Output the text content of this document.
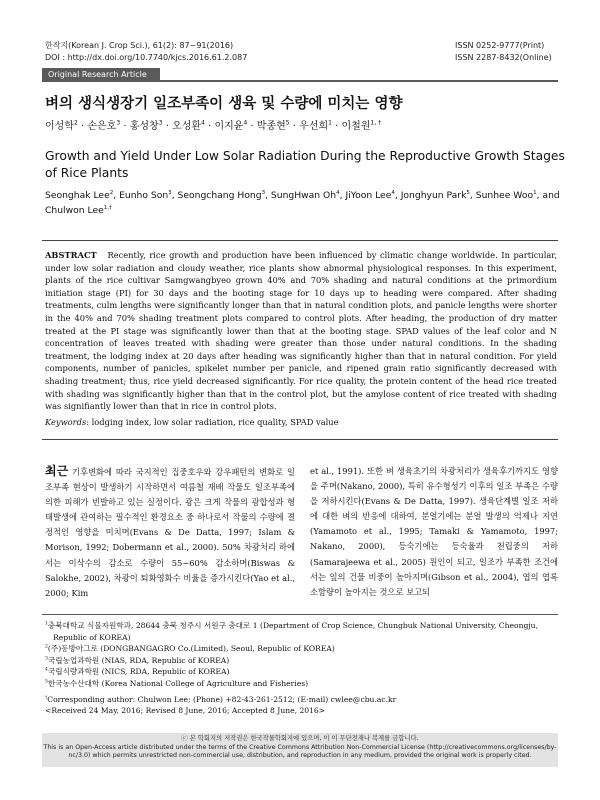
한작지(Korean J. Crop Sci.), 61(2): 87~91(2016)
DOI : http://dx.doi.org/10.7740/kjcs.2016.61.2.087
ISSN 0252-9777(Print)
ISSN 2287-8432(Online)
Original Research Article
벼의 생식생장기 일조부족이 생육 및 수량에 미치는 영향
이성학$^2$ · 손은호$^3$ · 홍성창$^3$ · 오성환$^4$ · 이지윤$^4$ · 박종현$^5$ · 우선희$^1$ · 이철원$^{1, \dagger}$
Growth and Yield Under Low Solar Radiation During the Reproductive Growth Stages of Rice Plants
Seonghak Lee$^2$, Eunho Son$^3$, Seongchang Hong$^3$, SungHwan Oh$^4$, JiYoon Lee$^4$, Jonghyun Park$^5$, Sunhee Woo$^1$, and Chulwon Lee$^{1,\dagger}$
ABSTRACT Recently, rice growth and production have been influenced by climatic change worldwide. In particular, under low solar radiation and cloudy weather, rice plants show abnormal physiological responses. In this experiment, plants of the rice cultivar Samgwangbyeo grown 40% and 70% shading and natural conditions at the primordium initiation stage (PI) for 30 days and the booting stage for 10 days up to heading were compared. After shading treatments, culm lengths were significantly longer than that in natural condition plots, and panicle lengths were shorter in the 40% and 70% shading treatment plots compared to control plots. After heading, the production of dry matter treated at the PI stage was significantly lower than that at the booting stage. SPAD values of the leaf color and N concentration of leaves treated with shading were greater than those under natural conditions. In the shading treatment, the lodging index at 20 days after heading was significantly higher than that in natural condition. For yield components, number of panicles, spikelet number per panicle, and ripened grain ratio significantly decreased with shading treatment; thus, rice yield decreased significantly. For rice quality, the protein content of the head rice treated with shading was significantly higher than that in the control plot, but the amylose content of rice treated with shading was signifiantly lower than that in rice in control plots.
Keywords: lodging index, low solar radiation, rice quality, SPAD value
최근 기후변화에 따라 국지적인 집중호우와 강우패턴의 변화로 일조부족 현상이 발생하기 시작하면서 여름철 재배 작물도 일조부족에 의한 피해가 빈발하고 있는 실정이다. 광은 크게 작물의 광합성과 형태발생에 관여하는 필수적인 환경요소 중 하나로서 작물의 수량에 결정적인 영향을 미치며(Evans & De Datta, 1997; Islam & Morison, 1992; Dobermann et al., 2000). 50% 차광처리 하에서는 이삭수의 감소로 수량이 55~60% 감소하며(Biswas & Salokhe, 2002), 차광이 퇴화영화수 비율을 증가시킨다(Yao et al., 2000; Kim
et al., 1991). 또한 벼 생육초기의 차광처리가 생육후기까지도 영향을 주며(Nakano, 2000), 특히 유수형성기 이후의 일조 부족은 수량을 저하시킨다(Evans & De Datta, 1997). 생육단계별 일조 저하에 대한 벼의 반응에 대하여, 분얼기에는 분얼 발생의 억제나 지연(Yamamoto et al., 1995; Tamaki & Yamamoto, 1997; Nakano, 2000), 등숙기에는 등숙율과 천립중의 저하(Samarajeewa et al., 2005) 원인이 되고, 일조가 부족한 조건에서는 잎의 건물 비중이 높아지며(Gibson et al., 2004), 엽의 엽록소함량이 높아지는 것으로 보고되
$^1$충북대학교 식물자원학과, 28644 충북 청주시 서원구 충대로 1 (Department of Crop Science, Chungbuk National University, Cheongju, Republic of KOREA)
$^2$(주)동방아그로 (DONGBANGAGRO Co.(Limited), Seoul, Republic of KOREA)
$^3$국립농업과학원 (NIAS, RDA, Republic of KOREA)
$^4$국립식량과학원 (NICS, RDA, Republic of KOREA)
$^5$한국농수산대학 (Korea National College of Agriculture and Fisheries)
†Corresponding author: Chulwon Lee; (Phone) +82-43-261-2512; (E-mail) cwlee@cbu.ac.kr
<Received 24 May, 2016; Revised 8 June, 2016; Accepted 8 June, 2016>
ⓒ 본 학회지의 저작권은 한국작물학회지에 있으며, 이 이 무단전재나 복제를 금합니다.
This is an Open-Access article distributed under the terms of the Creative Commons Attribution Non-Commercial License (http://creativecommons.org/licenses/by-nc/3.0) which permits unrestricted non-commercial use, distribution, and reproduction in any medium, provided the original work is properly cited.
